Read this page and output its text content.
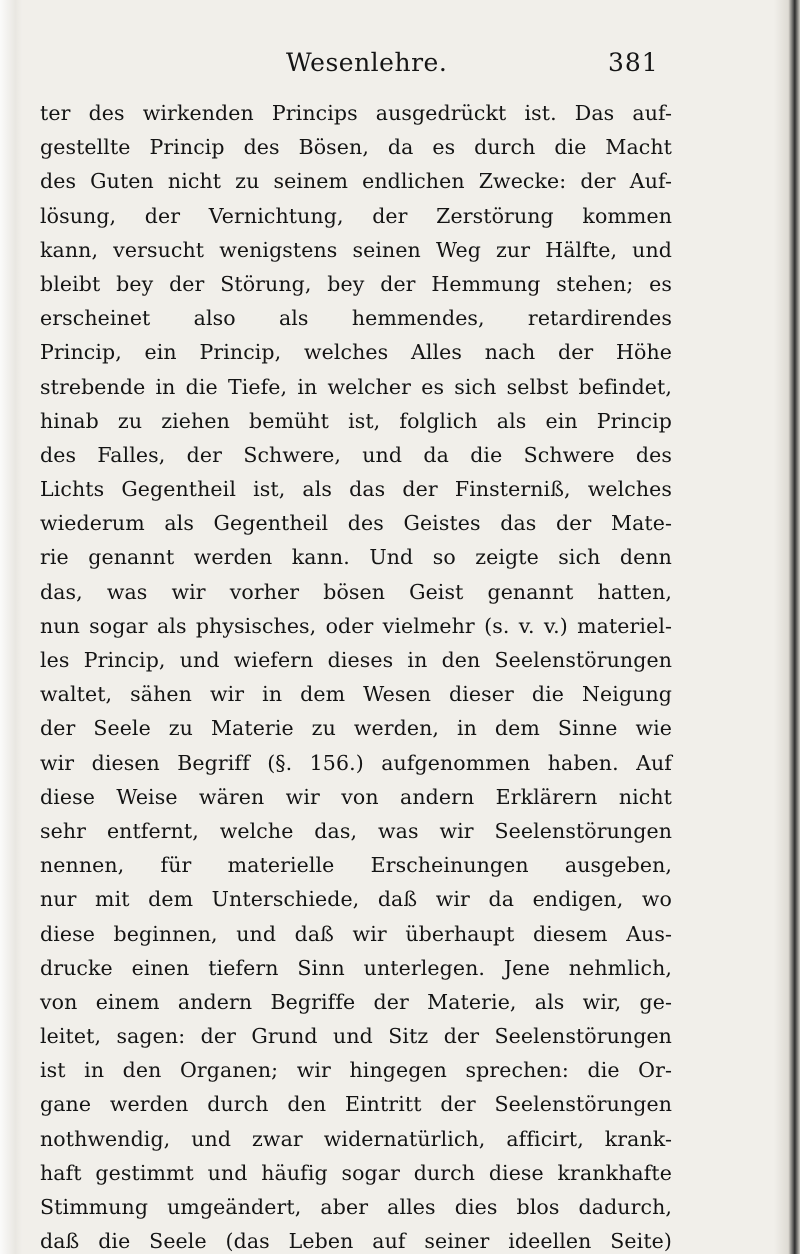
Wesenlehre.	381
ter des wirkenden Princips ausgedrückt ist. Das auf-
gestellte Princip des Bösen, da es durch die Macht
des Guten nicht zu seinem endlichen Zwecke: der Auf-
lösung, der Vernichtung, der Zerstörung kommen
kann, versucht wenigstens seinen Weg zur Hälfte, und
bleibt bey der Störung, bey der Hemmung stehen; es
erscheinet also als hemmendes, retardirendes
Princip, ein Princip, welches Alles nach der Höhe
strebende in die Tiefe, in welcher es sich selbst befindet,
hinab zu ziehen bemüht ist, folglich als ein Princip
des Falles, der Schwere, und da die Schwere des
Lichts Gegentheil ist, als das der Finsterniß, welches
wiederum als Gegentheil des Geistes das der Mate-
rie genannt werden kann. Und so zeigte sich denn
das, was wir vorher bösen Geist genannt hatten,
nun sogar als physisches, oder vielmehr (s. v. v.) materiel-
les Princip, und wiefern dieses in den Seelenstörungen
waltet, sähen wir in dem Wesen dieser die Neigung
der Seele zu Materie zu werden, in dem Sinne wie
wir diesen Begriff (§. 156.) aufgenommen haben. Auf
diese Weise wären wir von andern Erklärern nicht
sehr entfernt, welche das, was wir Seelenstörungen
nennen, für materielle Erscheinungen ausgeben,
nur mit dem Unterschiede, daß wir da endigen, wo
diese beginnen, und daß wir überhaupt diesem Aus-
drucke einen tiefern Sinn unterlegen. Jene nehmlich,
von einem andern Begriffe der Materie, als wir, ge-
leitet, sagen: der Grund und Sitz der Seelenstörungen
ist in den Organen; wir hingegen sprechen: die Or-
gane werden durch den Eintritt der Seelenstörungen
nothwendig, und zwar widernatürlich, afficirt, krank-
haft gestimmt und häufig sogar durch diese krankhafte
Stimmung umgeändert, aber alles dies blos dadurch,
daß die Seele (das Leben auf seiner ideellen Seite)
